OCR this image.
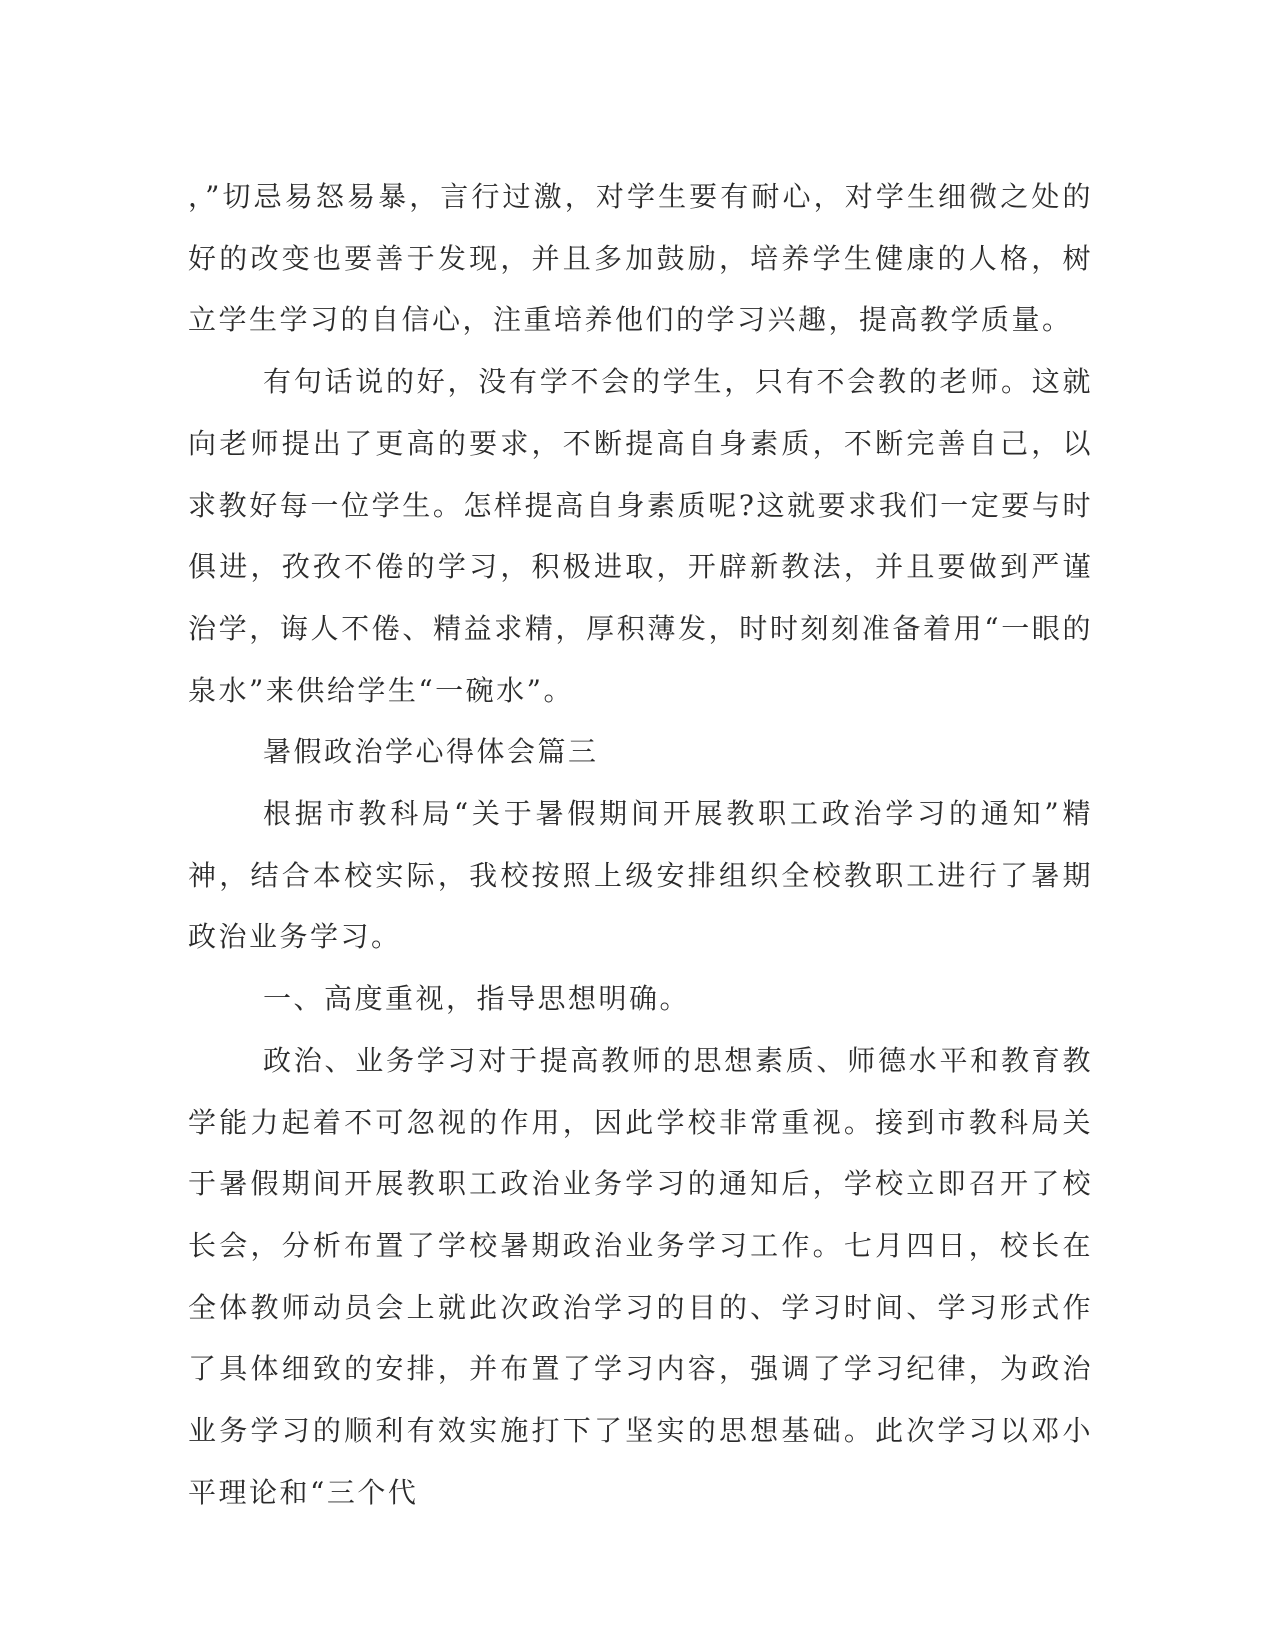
，”切忌易怒易暴，言行过激，对学生要有耐心，对学生细微之处的好的改变也要善于发现，并且多加鼓励，培养学生健康的人格，树立学生学习的自信心，注重培养他们的学习兴趣，提高教学质量。

有句话说的好，没有学不会的学生，只有不会教的老师。这就向老师提出了更高的要求，不断提高自身素质，不断完善自己，以求教好每一位学生。怎样提高自身素质呢?这就要求我们一定要与时俱进，孜孜不倦的学习，积极进取，开辟新教法，并且要做到严谨治学，诲人不倦、精益求精，厚积薄发，时时刻刻准备着用“一眼的泉水”来供给学生“一碗水”。

暑假政治学心得体会篇三

根据市教科局“关于暑假期间开展教职工政治学习的通知”精神，结合本校实际，我校按照上级安排组织全校教职工进行了暑期政治业务学习。

一、高度重视，指导思想明确。

政治、业务学习对于提高教师的思想素质、师德水平和教育教学能力起着不可忽视的作用，因此学校非常重视。接到市教科局关于暑假期间开展教职工政治业务学习的通知后，学校立即召开了校长会，分析布置了学校暑期政治业务学习工作。七月四日，校长在全体教师动员会上就此次政治学习的目的、学习时间、学习形式作了具体细致的安排，并布置了学习内容，强调了学习纪律，为政治业务学习的顺利有效实施打下了坚实的思想基础。此次学习以邓小平理论和“三个代
